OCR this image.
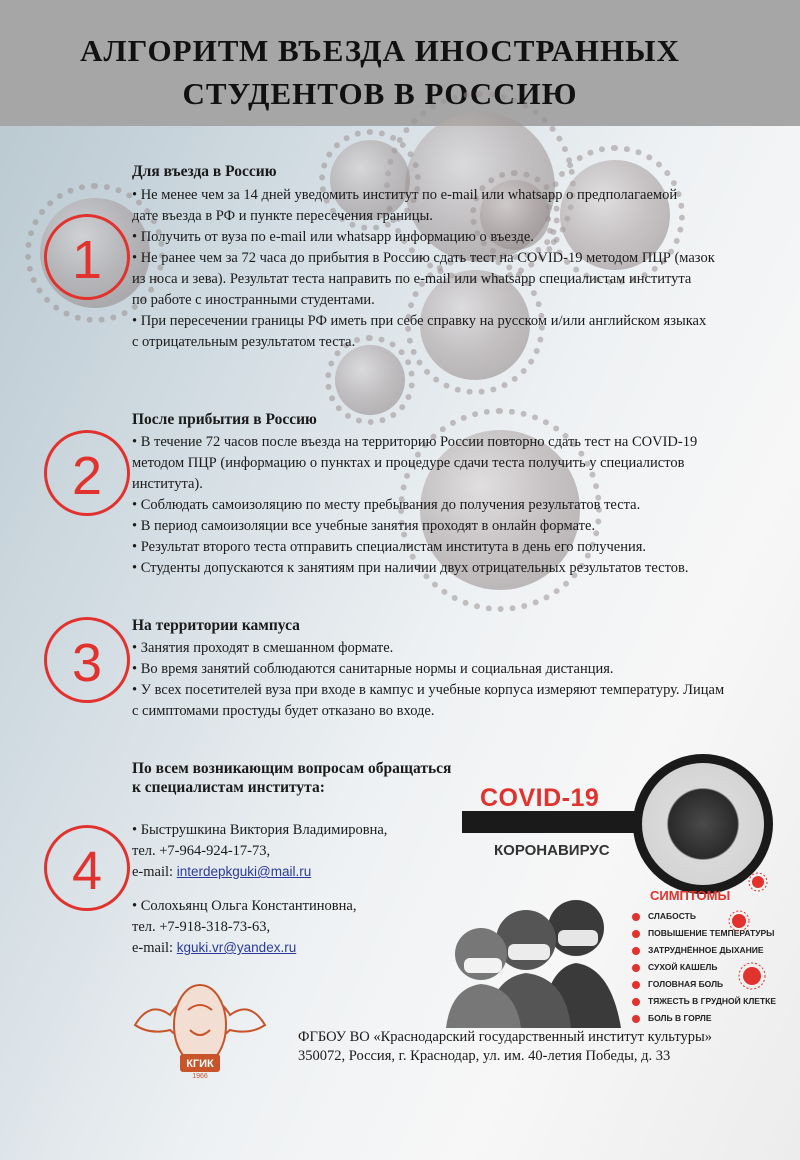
АЛГОРИТМ ВЪЕЗДА ИНОСТРАННЫХ
СТУДЕНТОВ В РОССИЮ
1
Для въезда в Россию
• Не менее чем за 14 дней уведомить институт по e-mail или whatsapp о предполагаемой
дате въезда в РФ и пункте пересечения границы.
• Получить от вуза по e-mail или whatsapp информацию о въезде.
• Не ранее чем за 72 часа до прибытия в Россию сдать тест на COVID-19 методом ПЦР (мазок
из носа и зева). Результат теста направить по e-mail или whatsapp специалистам института
по работе с иностранными студентами.
• При пересечении границы РФ иметь при себе справку на русском и/или английском языках
с отрицательным результатом теста.
2
После прибытия в Россию
• В течение 72 часов после въезда на территорию России повторно сдать тест на COVID-19
методом ПЦР (информацию о пунктах и процедуре сдачи теста получить у специалистов
института).
• Соблюдать самоизоляцию по месту пребывания до получения результатов теста.
• В период самоизоляции все учебные занятия проходят в онлайн формате.
• Результат второго теста отправить специалистам института в день его получения.
• Студенты допускаются к занятиям при наличии двух отрицательных результатов тестов.
3
На территории кампуса
• Занятия проходят в смешанном формате.
• Во время занятий соблюдаются санитарные нормы и социальная дистанция.
• У всех посетителей вуза при входе в кампус и учебные корпуса измеряют температуру. Лицам
с симптомами простуды будет отказано во входе.
4
По всем возникающим вопросам обращаться
к специалистам института:
• Быструшкина Виктория Владимировна,
тел. +7-964-924-17-73,
e-mail: interdepkguki@mail.ru
• Солохьянц Ольга Константиновна,
тел. +7-918-318-73-63,
e-mail: kguki.vr@yandex.ru
COVID-19
КОРОНАВИРУС
СИМПТОМЫ
СЛАБОСТЬ
ПОВЫШЕНИЕ ТЕМПЕРАТУРЫ
ЗАТРУДНЁННОЕ ДЫХАНИЕ
СУХОЙ КАШЕЛЬ
ГОЛОВНАЯ БОЛЬ
ТЯЖЕСТЬ В ГРУДНОЙ КЛЕТКЕ
БОЛЬ В ГОРЛЕ
КГИК
1966
ФГБОУ ВО «Краснодарский государственный институт культуры»
350072, Россия, г. Краснодар, ул. им. 40-летия Победы, д. 33
